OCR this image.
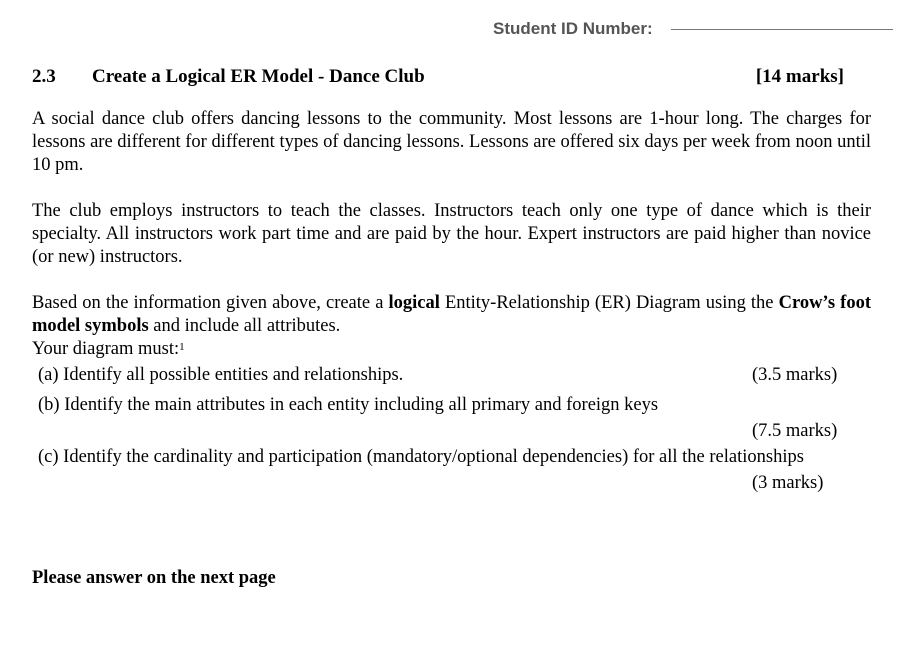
Student ID Number:
2.3 Create a Logical ER Model - Dance Club	[14 marks]
A social dance club offers dancing lessons to the community. Most lessons are 1-hour long. The charges for lessons are different for different types of dancing lessons. Lessons are offered six days per week from noon until 10 pm.
The club employs instructors to teach the classes. Instructors teach only one type of dance which is their specialty. All instructors work part time and are paid by the hour. Expert instructors are paid higher than novice (or new) instructors.
Based on the information given above, create a logical Entity-Relationship (ER) Diagram using the Crow’s foot model symbols and include all attributes.
Your diagram must:$^1$
(a) Identify all possible entities and relationships.	(3.5 marks)
(b) Identify the main attributes in each entity including all primary and foreign keys
(7.5 marks)
(c) Identify the cardinality and participation (mandatory/optional dependencies) for all the relationships
(3 marks)
Please answer on the next page
